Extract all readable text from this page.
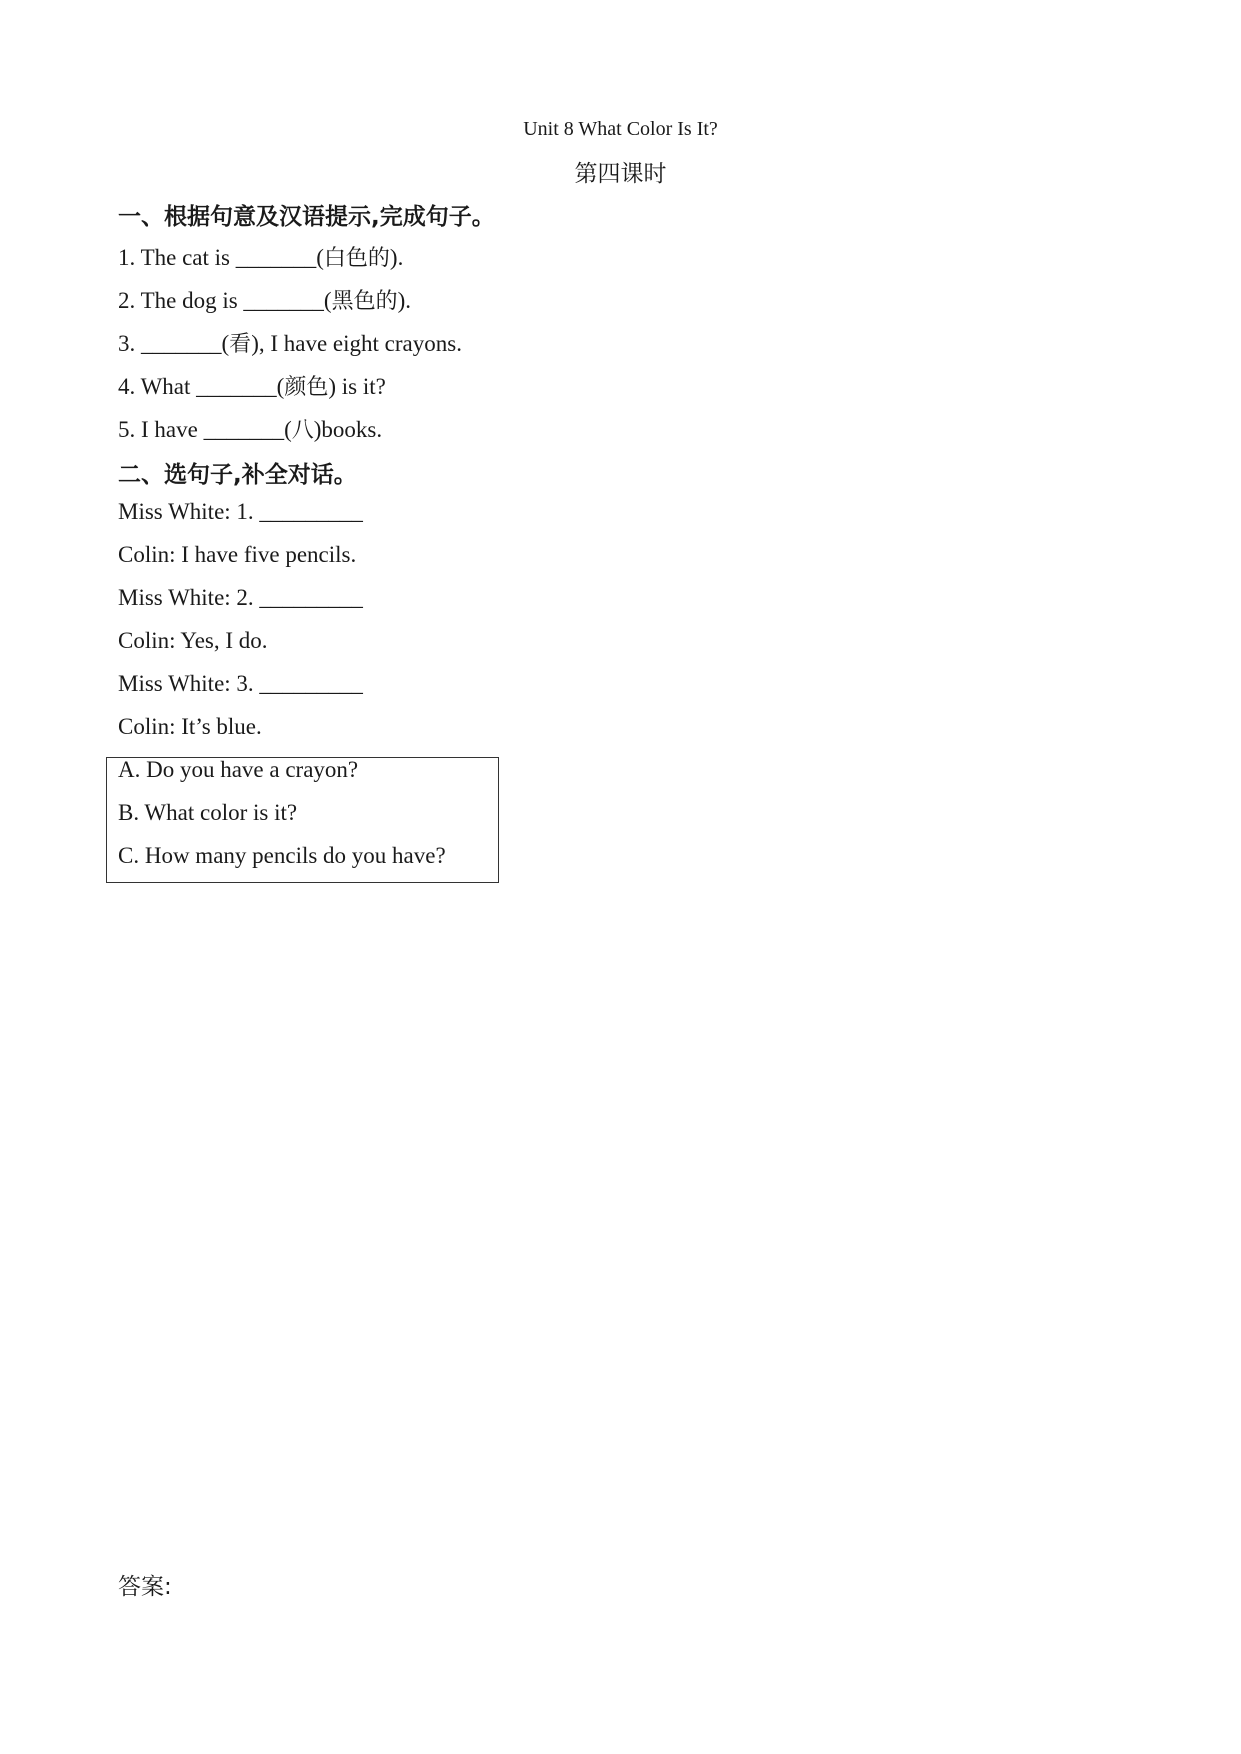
Unit 8 What Color Is It?
第四课时
一、根据句意及汉语提示,完成句子。
1. The cat is _______(白色的).
2. The dog is _______(黑色的).
3. _______(看), I have eight crayons.
4. What _______(颜色) is it?
5. I have _______(八)books.
二、选句子,补全对话。
Miss White: 1. _________
Colin: I have five pencils.
Miss White: 2. _________
Colin: Yes, I do.
Miss White: 3. _________
Colin: It’s blue.
A. Do you have a crayon?
B. What color is it?
C. How many pencils do you have?
答案:
